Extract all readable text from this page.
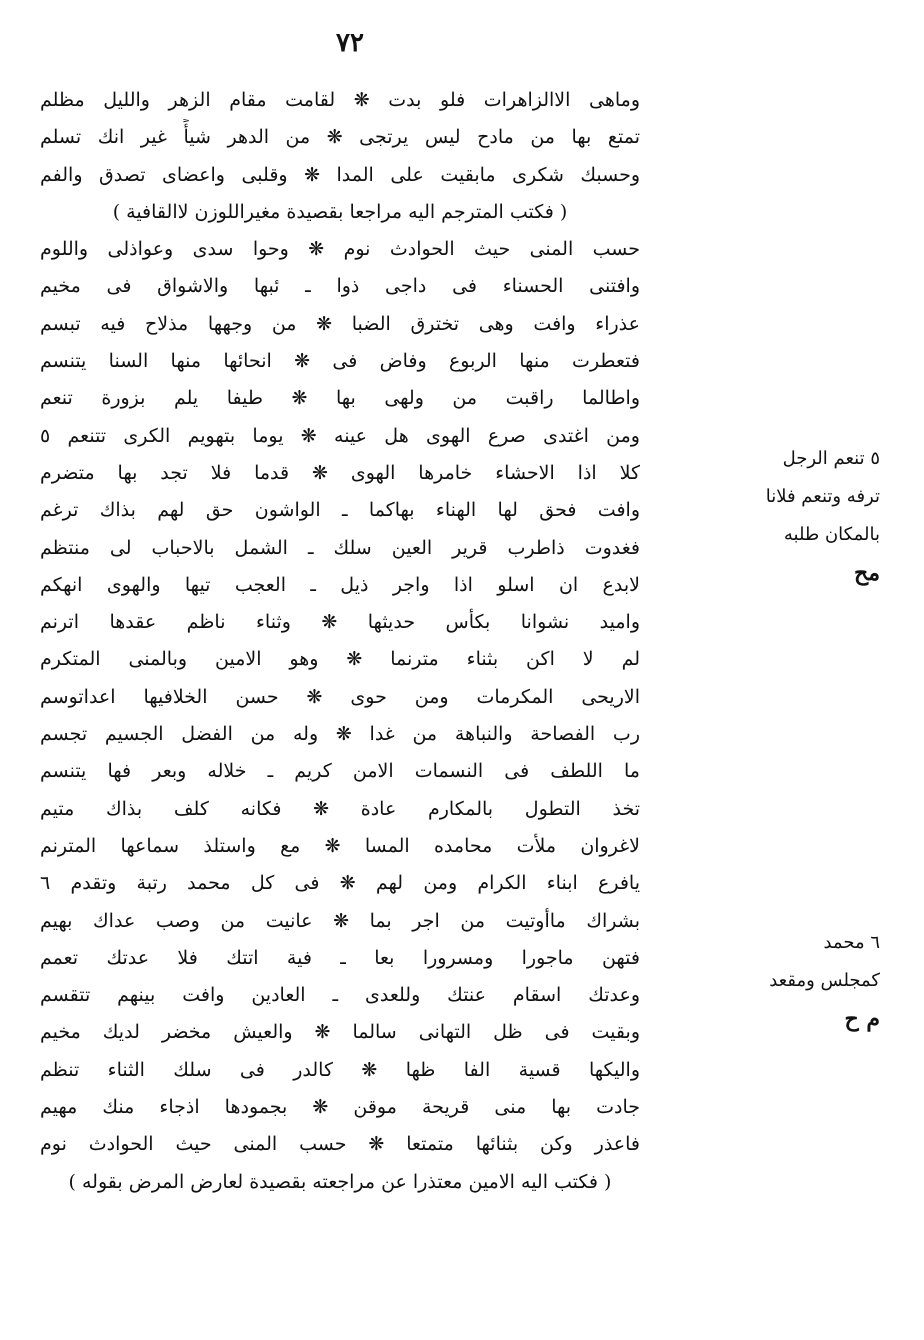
٧٢
وماهى الاالزاهرات فلو بدت ❋ لقامت مقام الزهر والليل مظلم
تمتع بها من مادح ليس يرتجى ❋ من الدهر شيأً غير انك تسلم
وحسبك شكرى مابقيت على المدا ❋ وقلبى واعضاى تصدق والفم
( فكتب المترجم اليه مراجعا بقصيدة مغيراللوزن لاالقافية )
حسب المنى حيث الحوادث نوم ❋ وحوا سدى وعواذلى واللوم
وافتنى الحسناء فى داجى ذوا ـ ئبها والاشواق فى مخيم
عذراء وافت وهى تخترق الضبا ❋ من وجهها مذلاح فيه تبسم
فتعطرت منها الربوع وفاض فى ❋ انحائها منها السنا يتنسم
واطالما راقبت من ولهى بها ❋ طيفا يلم بزورة تنعم
ومن اغتدى صرع الهوى هل عينه ❋ يوما بتهويم الكرى تتنعم ٥
كلا اذا الاحشاء خامرها الهوى ❋ قدما فلا تجد بها متضرم
وافت فحق لها الهناء بهاكما ـ الواشون حق لهم بذاك ترغم
فغدوت ذاطرب قرير العين سلك ـ الشمل بالاحباب لى منتظم
لابدع ان اسلو اذا واجر ذيل ـ العجب تيها والهوى انهكم
واميد نشوانا بكأس حديثها ❋ وثناء ناظم عقدها اترنم
لم لا اكن بثناء مترنما ❋ وهو الامين وبالمنى المتكرم
الاريحى المكرمات ومن حوى ❋ حسن الخلافيها اعداتوسم
رب الفصاحة والنباهة من غدا ❋ وله من الفضل الجسيم تجسم
ما اللطف فى النسمات الامن كريم ـ خلاله وبعر فها يتنسم
تخذ التطول بالمكارم عادة ❋ فكانه كلف بذاك متيم
لاغروان ملأت محامده المسا ❋ مع واستلذ سماعها المترنم
يافرع ابناء الكرام ومن لهم ❋ فى كل محمد رتبة وتقدم ٦
بشراك ماأوتيت من اجر بما ❋ عانيت من وصب عداك بهيم
فتهن ماجورا ومسرورا بعا ـ فية اتتك فلا عدتك تعمم
وعدتك اسقام عنتك وللعدى ـ العادين وافت بينهم تتقسم
وبقيت فى ظل التهانى سالما ❋ والعيش مخضر لديك مخيم
واليكها قسية الفا ظها ❋ كالدر فى سلك الثناء تنظم
جادت بها منى قريحة موقن ❋ بجمودها اذجاء منك مهيم
فاعذر وكن بثنائها متمتعا ❋ حسب المنى حيث الحوادث نوم
( فكتب اليه الامين معتذرا عن مراجعته بقصيدة لعارض المرض بقوله )
٥ تنعم الرجل
ترفه وتنعم فلانا
بالمكان طلبه
مح
٦ محمد
كمجلس ومقعد
م ح
